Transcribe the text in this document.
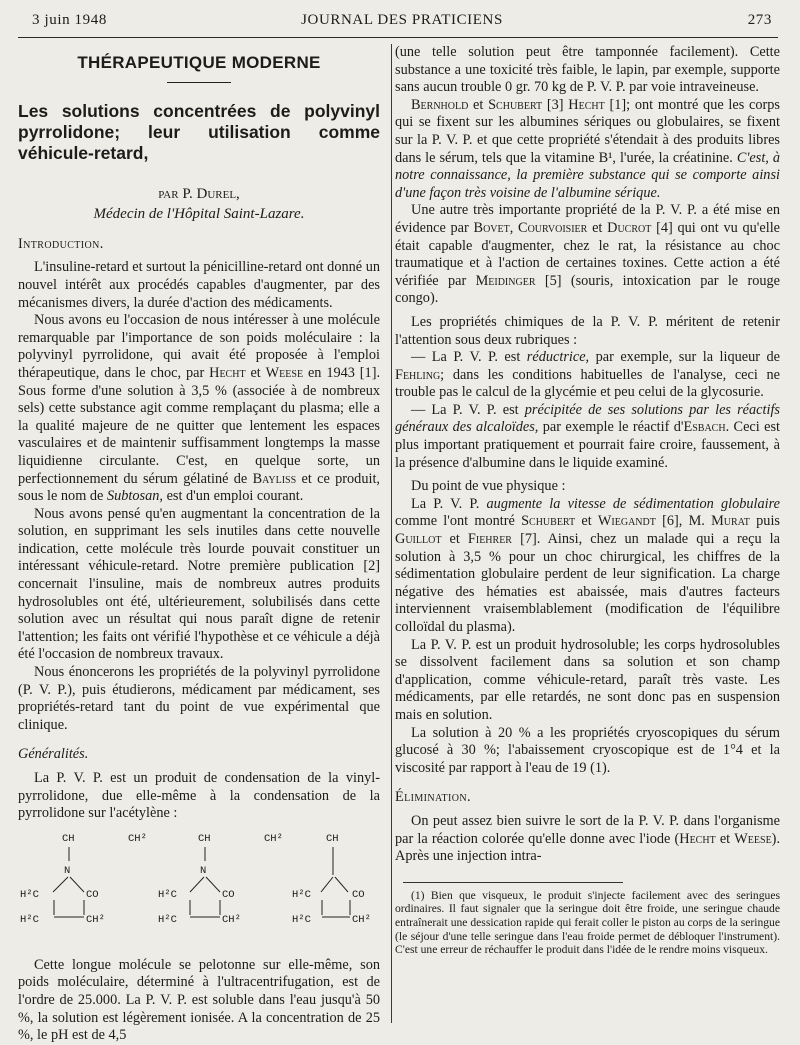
3 juin 1948	JOURNAL DES PRATICIENS	273
THÉRAPEUTIQUE MODERNE
Les solutions concentrées de polyvinyl pyrrolidone; leur utilisation comme véhicule-retard,
par P. Durel,
Médecin de l'Hôpital Saint-Lazare.
Introduction.

L'insuline-retard et surtout la pénicilline-retard ont donné un nouvel intérêt aux procédés capables d'augmenter, par des mécanismes divers, la durée d'action des médicaments.

Nous avons eu l'occasion de nous intéresser à une molécule remarquable par l'importance de son poids moléculaire : la polyvinyl pyrrolidone, qui avait été proposée à l'emploi thérapeutique, dans le choc, par Hecht et Weese en 1943 [1]. Sous forme d'une solution à 3,5 % (associée à de nombreux sels) cette substance agit comme remplaçant du plasma; elle a la qualité majeure de ne quitter que lentement les espaces vasculaires et de maintenir suffisamment longtemps la masse liquidienne circulante. C'est, en quelque sorte, un perfectionnement du sérum gélatiné de Bayliss et ce produit, sous le nom de Subtosan, est d'un emploi courant.

Nous avons pensé qu'en augmentant la concentration de la solution, en supprimant les sels inutiles dans cette nouvelle indication, cette molécule très lourde pouvait constituer un intéressant véhicule-retard. Notre première publication [2] concernait l'insuline, mais de nombreux autres produits hydrosolubles ont été, ultérieurement, solubilisés dans cette solution avec un résultat qui nous paraît digne de retenir l'attention; les faits ont vérifié l'hypothèse et ce véhicule a déjà été l'occasion de nombreux travaux.

Nous énoncerons les propriétés de la polyvinyl pyrrolidone (P. V. P.), puis étudierons, médicament par médicament, ses propriétés-retard tant du point de vue expérimental que clinique.

Généralités.

La P. V. P. est un produit de condensation de la vinyl-pyrrolidone, due elle-même à la condensation de la pyrrolidone sur l'acétylène :

CH	CH²
N
H²C	CO
H²C	CH²
CH	CH²
N
H²C	CO
H²C	CH²
CH
H²C	CO
H²C	CH²

Cette longue molécule se pelotonne sur elle-même, son poids moléculaire, déterminé à l'ultracentrifugation, est de l'ordre de 25.000. La P. V. P. est soluble dans l'eau jusqu'à 50 %, la solution est légèrement ionisée. A la concentration de 25 %, le pH est de 4,5

(une telle solution peut être tamponnée facilement). Cette substance a une toxicité très faible, le lapin, par exemple, supporte sans aucun trouble 0 gr. 70 kg de P. V. P. par voie intraveineuse.

Bernhold et Schubert [3] Hecht [1]; ont montré que les corps qui se fixent sur les albumines sériques ou globulaires, se fixent sur la P. V. P. et que cette propriété s'étendait à des produits libres dans le sérum, tels que la vitamine B¹, l'urée, la créatinine. C'est, à notre connaissance, la première substance qui se comporte ainsi d'une façon très voisine de l'albumine sérique.

Une autre très importante propriété de la P. V. P. a été mise en évidence par Bovet, Courvoisier et Ducrot [4] qui ont vu qu'elle était capable d'augmenter, chez le rat, la résistance au choc traumatique et à l'action de certaines toxines. Cette action a été vérifiée par Meidinger [5] (souris, intoxication par le rouge congo).

Les propriétés chimiques de la P. V. P. méritent de retenir l'attention sous deux rubriques :

— La P. V. P. est réductrice, par exemple, sur la liqueur de Fehling; dans les conditions habituelles de l'analyse, ceci ne trouble pas le calcul de la glycémie et peu celui de la glycosurie.

— La P. V. P. est précipitée de ses solutions par les réactifs généraux des alcaloïdes, par exemple le réactif d'Esbach. Ceci est plus important pratiquement et pourrait faire croire, faussement, à la présence d'albumine dans le liquide examiné.

Du point de vue physique :

La P. V. P. augmente la vitesse de sédimentation globulaire comme l'ont montré Schubert et Wiegandt [6], M. Murat puis Guillot et Fiehrer [7]. Ainsi, chez un malade qui a reçu la solution à 3,5 % pour un choc chirurgical, les chiffres de la sédimentation globulaire perdent de leur signification. La charge négative des hématies est abaissée, mais d'autres facteurs interviennent vraisemblablement (modification de l'équilibre colloïdal du plasma).

La P. V. P. est un produit hydrosoluble; les corps hydrosolubles se dissolvent facilement dans sa solution et son champ d'application, comme véhicule-retard, paraît très vaste. Les médicaments, par elle retardés, ne sont donc pas en suspension mais en solution.

La solution à 20 % a les propriétés cryoscopiques du sérum glucosé à 30 %; l'abaissement cryoscopique est de 1°4 et la viscosité par rapport à l'eau de 19 (1).

Élimination.

On peut assez bien suivre le sort de la P. V. P. dans l'organisme par la réaction colorée qu'elle donne avec l'iode (Hecht et Weese). Après une injection intra-

(1) Bien que visqueux, le produit s'injecte facilement avec des seringues ordinaires. Il faut signaler que la seringue doit être froide, une seringue chaude entraînerait une dessication rapide qui ferait coller le piston au corps de la seringue (le séjour d'une telle seringue dans l'eau froide permet de débloquer l'instrument). C'est une erreur de réchauffer le produit dans l'idée de le rendre moins visqueux.
